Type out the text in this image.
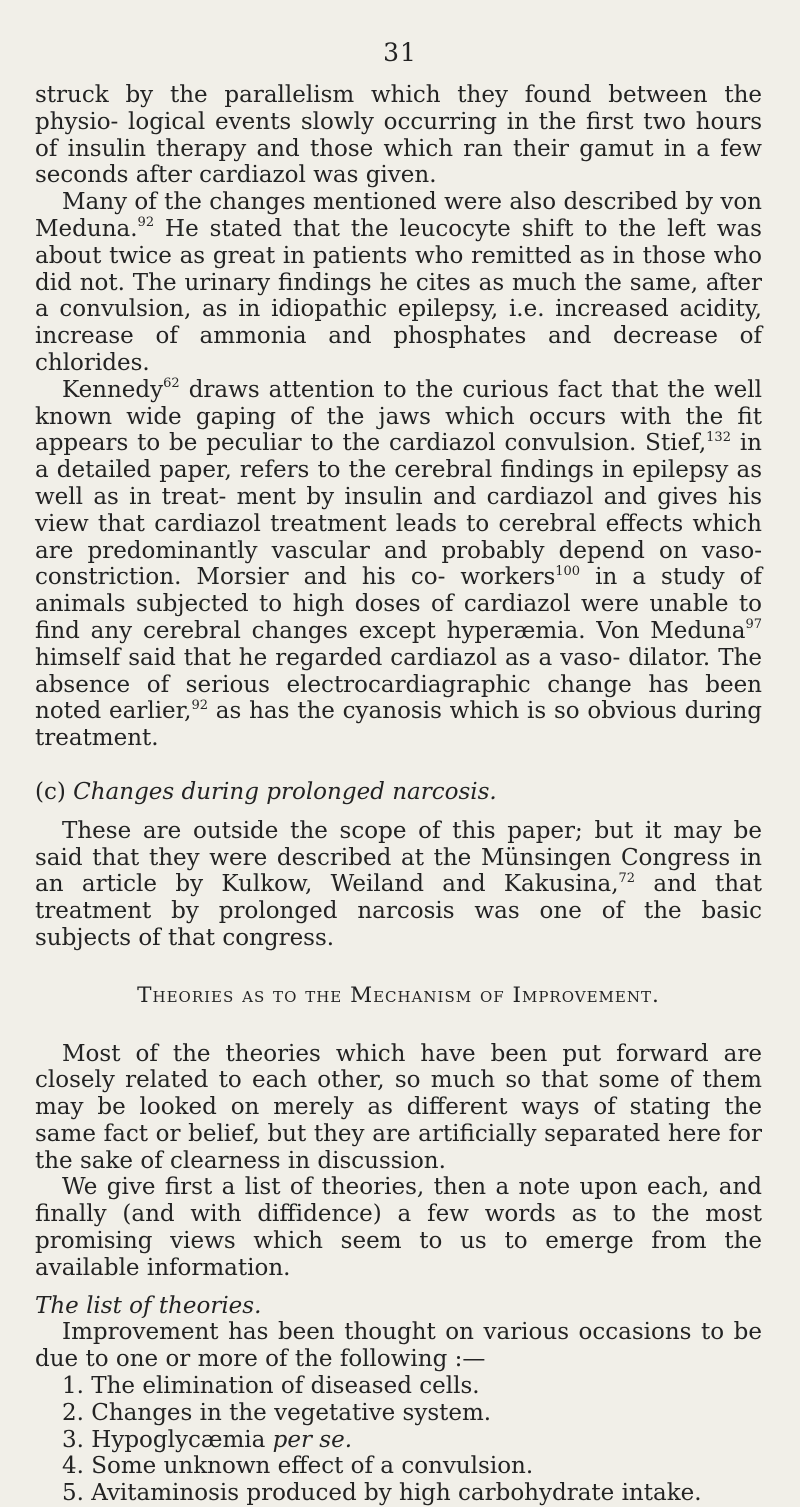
31

struck by the parallelism which they found between the physio- logical events slowly occurring in the first two hours of insulin therapy and those which ran their gamut in a few seconds after cardiazol was given.

Many of the changes mentioned were also described by von Meduna.$^{92}$ He stated that the leucocyte shift to the left was about twice as great in patients who remitted as in those who did not. The urinary findings he cites as much the same, after a convulsion, as in idiopathic epilepsy, i.e. increased acidity, increase of ammonia and phosphates and decrease of chlorides.

Kennedy$^{62}$ draws attention to the curious fact that the well known wide gaping of the jaws which occurs with the fit appears to be peculiar to the cardiazol convulsion. Stief,$^{132}$ in a detailed paper, refers to the cerebral findings in epilepsy as well as in treat- ment by insulin and cardiazol and gives his view that cardiazol treatment leads to cerebral effects which are predominantly vascular and probably depend on vaso-constriction. Morsier and his co- workers$^{100}$ in a study of animals subjected to high doses of cardiazol were unable to find any cerebral changes except hyperæmia. Von Meduna$^{97}$ himself said that he regarded cardiazol as a vaso- dilator. The absence of serious electrocardiagraphic change has been noted earlier,$^{92}$ as has the cyanosis which is so obvious during treatment.

(c) Changes during prolonged narcosis.

These are outside the scope of this paper; but it may be said that they were described at the Münsingen Congress in an article by Kulkow, Weiland and Kakusina,$^{72}$ and that treatment by prolonged narcosis was one of the basic subjects of that congress.

Theories as to the Mechanism of Improvement.

Most of the theories which have been put forward are closely related to each other, so much so that some of them may be looked on merely as different ways of stating the same fact or belief, but they are artificially separated here for the sake of clearness in discussion.

We give first a list of theories, then a note upon each, and finally (and with diffidence) a few words as to the most promising views which seem to us to emerge from the available information.

The list of theories.

Improvement has been thought on various occasions to be due to one or more of the following :—

1. The elimination of diseased cells.
2. Changes in the vegetative system.
3. Hypoglycæmia per se.
4. Some unknown effect of a convulsion.
5. Avitaminosis produced by high carbohydrate intake.
